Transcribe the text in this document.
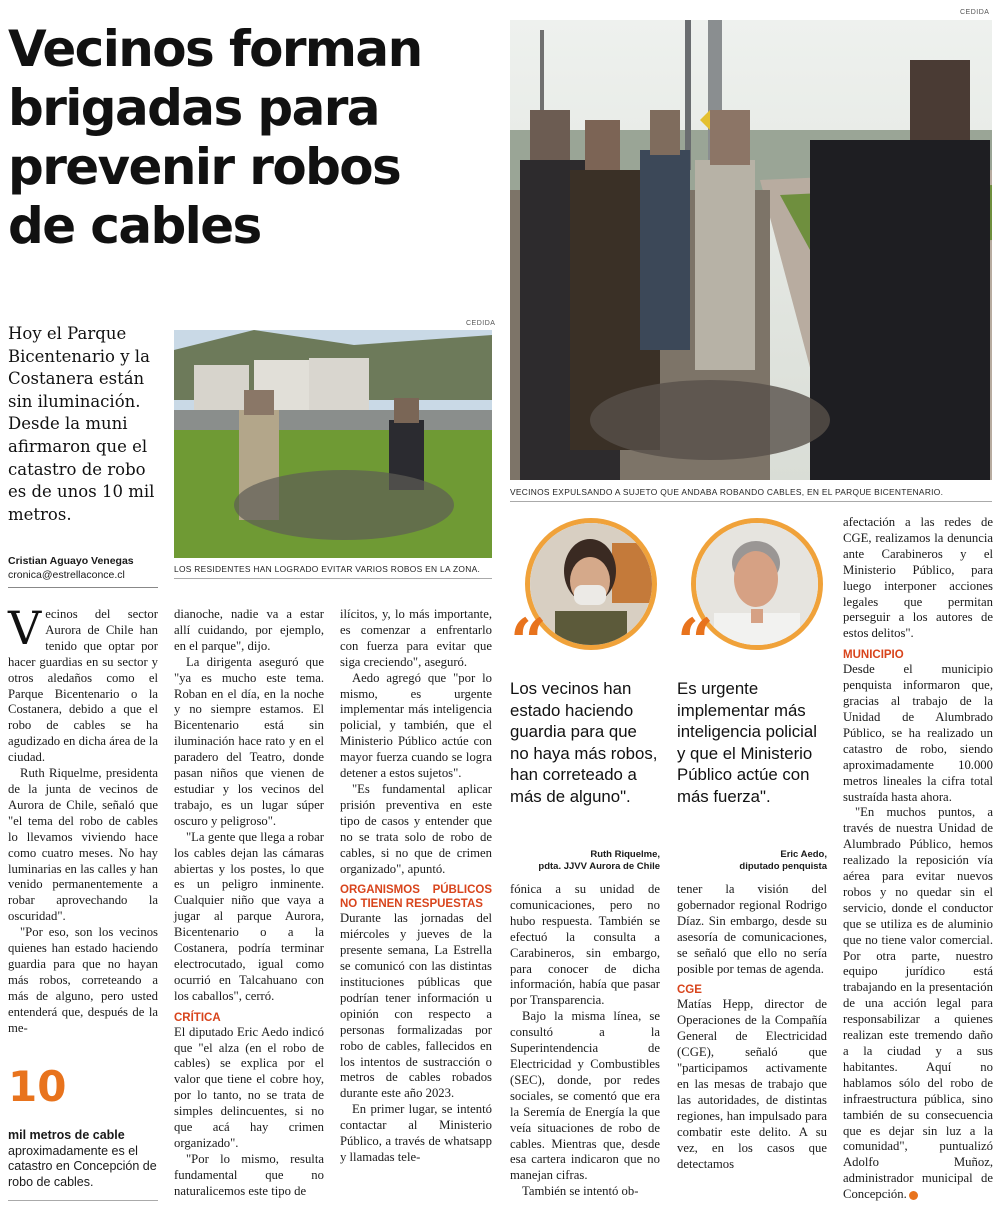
Vecinos forman
brigadas para
prevenir robos
de cables
CEDIDA
VECINOS EXPULSANDO A SUJETO QUE ANDABA ROBANDO CABLES, EN EL PARQUE BICENTENARIO.

Hoy el Parque Bicentenario y la Costanera están sin iluminación. Desde la muni afirmaron que el catastro de robo es de unos 10 mil metros.

CEDIDA
LOS RESIDENTES HAN LOGRADO EVITAR VARIOS ROBOS EN LA ZONA.
Cristian Aguayo Venegas
cronica@estrellaconce.cl

Vecinos del sector Aurora de Chile han tenido que optar por hacer guardias en su sector y otros aledaños como el Parque Bicentenario o la Costanera, debido a que el robo de cables se ha agudizado en dicha área de la ciudad.

Ruth Riquelme, presidenta de la junta de vecinos de Aurora de Chile, señaló que "el tema del robo de cables lo llevamos viviendo hace como cuatro meses. No hay luminarias en las calles y han venido permanentemente a robar aprovechando la oscuridad".

"Por eso, son los vecinos quienes han estado haciendo guardia para que no hayan más robos, correteando a más de alguno, pero usted entenderá que, después de la me-

10
mil metros de cable
aproximadamente es el catastro en Concepción de robo de cables.

dianoche, nadie va a estar allí cuidando, por ejemplo, en el parque", dijo.

La dirigenta aseguró que "ya es mucho este tema. Roban en el día, en la noche y no siempre estamos. El Bicentenario está sin iluminación hace rato y en el paradero del Teatro, donde pasan niños que vienen de estudiar y los vecinos del trabajo, es un lugar súper oscuro y peligroso".

"La gente que llega a robar los cables dejan las cámaras abiertas y los postes, lo que es un peligro inminente. Cualquier niño que vaya a jugar al parque Aurora, Bicentenario o a la Costanera, podría terminar electrocutado, igual como ocurrió en Talcahuano con los caballos", cerró.

CRÍTICA

El diputado Eric Aedo indicó que "el alza (en el robo de cables) se explica por el valor que tiene el cobre hoy, por lo tanto, no se trata de simples delincuentes, si no que acá hay crimen organizado".

"Por lo mismo, resulta fundamental que no naturalicemos este tipo de

ilícitos, y, lo más importante, es comenzar a enfrentarlo con fuerza para evitar que siga creciendo", aseguró.

Aedo agregó que "por lo mismo, es urgente implementar más inteligencia policial, y también, que el Ministerio Público actúe con mayor fuerza cuando se logra detener a estos sujetos".

"Es fundamental aplicar prisión preventiva en este tipo de casos y entender que no se trata solo de robo de cables, si no que de crimen organizado", apuntó.

ORGANISMOS PÚBLICOS NO TIENEN RESPUESTAS

Durante las jornadas del miércoles y jueves de la presente semana, La Estrella se comunicó con las distintas instituciones públicas que podrían tener información u opinión con respecto a personas formalizadas por robo de cables, fallecidos en los intentos de sustracción o metros de cables robados durante este año 2023.

En primer lugar, se intentó contactar al Ministerio Público, a través de whatsapp y llamadas tele-

“
Los vecinos han estado haciendo guardia para que no haya más robos, han correteado a más de alguno".
Ruth Riquelme,
pdta. JJVV Aurora de Chile
“
Es urgente implementar más inteligencia policial y que el Ministerio Público actúe con más fuerza".
Eric Aedo,
diputado penquista

fónica a su unidad de comunicaciones, pero no hubo respuesta. También se efectuó la consulta a Carabineros, sin embargo, para conocer de dicha información, había que pasar por Transparencia.

Bajo la misma línea, se consultó a la Superintendencia de Electricidad y Combustibles (SEC), donde, por redes sociales, se comentó que era la Seremía de Energía la que veía situaciones de robo de cables. Mientras que, desde esa cartera indicaron que no manejan cifras.

También se intentó ob-

tener la visión del gobernador regional Rodrigo Díaz. Sin embargo, desde su asesoría de comunicaciones, se señaló que ello no sería posible por temas de agenda.

CGE

Matías Hepp, director de Operaciones de la Compañía General de Electricidad (CGE), señaló que "participamos activamente en las mesas de trabajo que las autoridades, de distintas regiones, han impulsado para combatir este delito. A su vez, en los casos que detectamos

afectación a las redes de CGE, realizamos la denuncia ante Carabineros y el Ministerio Público, para luego interponer acciones legales que permitan perseguir a los autores de estos delitos".

MUNICIPIO

Desde el municipio penquista informaron que, gracias al trabajo de la Unidad de Alumbrado Público, se ha realizado un catastro de robo, siendo aproximadamente 10.000 metros lineales la cifra total sustraída hasta ahora.

"En muchos puntos, a través de nuestra Unidad de Alumbrado Público, hemos realizado la reposición vía aérea para evitar nuevos robos y no quedar sin el servicio, donde el conductor que se utiliza es de aluminio que no tiene valor comercial. Por otra parte, nuestro equipo jurídico está trabajando en la presentación de una acción legal para responsabilizar a quienes realizan este tremendo daño a la ciudad y a sus habitantes. Aquí no hablamos sólo del robo de infraestructura pública, sino también de su consecuencia que es dejar sin luz a la comunidad", puntualizó Adolfo Muñoz, administrador municipal de Concepción.
